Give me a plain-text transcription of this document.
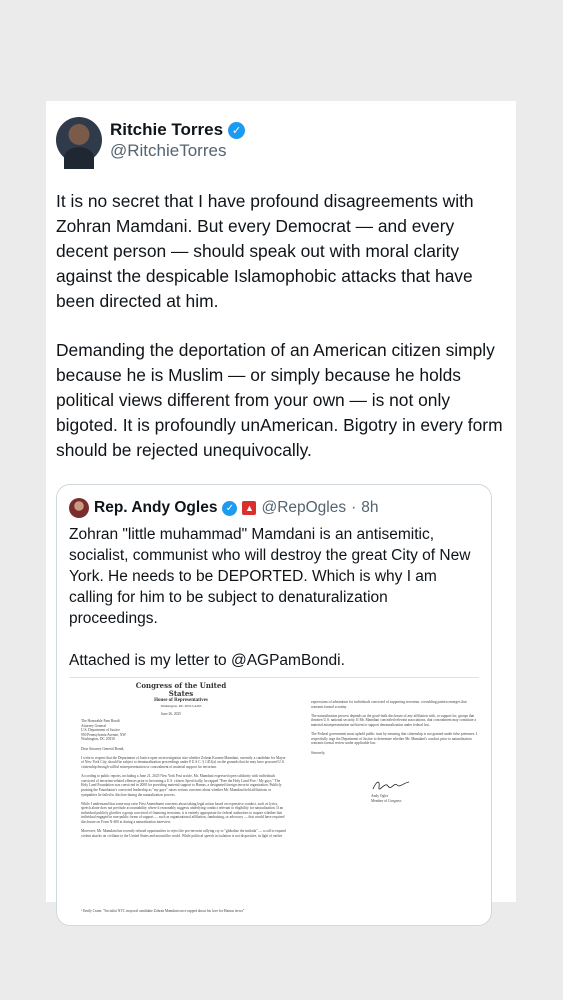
Ritchie Torres ✓
@RitchieTorres

It is no secret that I have profound disagreements with Zohran Mamdani. But every Democrat — and every decent person — should speak out with moral clarity against the despicable Islamophobic attacks that have been directed at him.

Demanding the deportation of an American citizen simply because he is Muslim — or simply because he holds political views different from your own — is not only bigoted. It is profoundly unAmerican. Bigotry in every form should be rejected unequivocally.

Rep. Andy Ogles ✓	▲ @RepOgles · 8h

Zohran "little muhammad" Mamdani is an antisemitic, socialist, communist who will destroy the great City of New York. He needs to be DEPORTED. Which is why I am calling for him to be subject to denaturalization proceedings.

Attached is my letter to @AGPamBondi.

Congress of the United States
House of Representatives
Washington, DC 20515-4205
June 26, 2025
The Honorable Pam Bondi
Attorney General
U.S. Department of Justice
950 Pennsylvania Avenue, NW
Washington, DC 20530

Dear Attorney General Bondi,

I write to request that the Department of Justice open an investigation into whether Zohran Kwame Mamdani, currently a candidate for Mayor of New York City, should be subject to denaturalization proceedings under 8 U.S.C. § 1451(a) on the grounds that he may have procured U.S. citizenship through willful misrepresentation or concealment of material support for terrorism.

According to public reports, including a June 21, 2025 New York Post article, Mr. Mamdani expressed open solidarity with individuals convicted of terrorism-related offenses prior to becoming a U.S. citizen. Specifically, he rapped "Free the Holy Land Five / My guys." The Holy Land Foundation was convicted in 2008 for providing material support to Hamas, a designated foreign terrorist organization. Publicly praising the Foundation's convicted leadership as "my guys" raises serious concerns about whether Mr. Mamdani held affiliations or sympathies he failed to disclose during the naturalization process.

While I understand that some may raise First Amendment concerns about taking legal action based on expressive conduct, such as lyrics, speech alone does not preclude accountability where it reasonably suggests underlying conduct relevant to eligibility for naturalization. If an individual publicly glorifies a group convicted of financing terrorism, it is entirely appropriate for federal authorities to inquire whether that individual engaged in non-public forms of support — such as organizational affiliation, fundraising, or advocacy — that would have required disclosure on Form N-400 at during a naturalization interview.

Moreover, Mr. Mamdani has recently refused opportunities to reject the pro-terrorist rallying cry to "globalize the intifada" — a call to expand violent attacks on civilians to the United States and around the world. While political speech in isolation is not dispositive, in light of earlier
¹ Emily Crane, "Socialist NYC mayoral candidate Zohran Mamdani once rapped about his love for Hamas terror"
expressions of admiration for individuals convicted of supporting terrorism, a troubling pattern emerges that warrants formal scrutiny.

The naturalization process depends on the good-faith disclosure of any affiliation with, or support for, groups that threaten U.S. national security. If Mr. Mamdani concealed relevant associations, that concealment may constitute a material misrepresentation sufficient to support denaturalization under federal law.

The Federal government must uphold public trust by ensuring that citizenship is not granted under false pretenses. I respectfully urge the Department of Justice to determine whether Mr. Mamdani's conduct prior to naturalization warrants formal review under applicable law.

Sincerely,
Andy Ogles
Member of Congress
